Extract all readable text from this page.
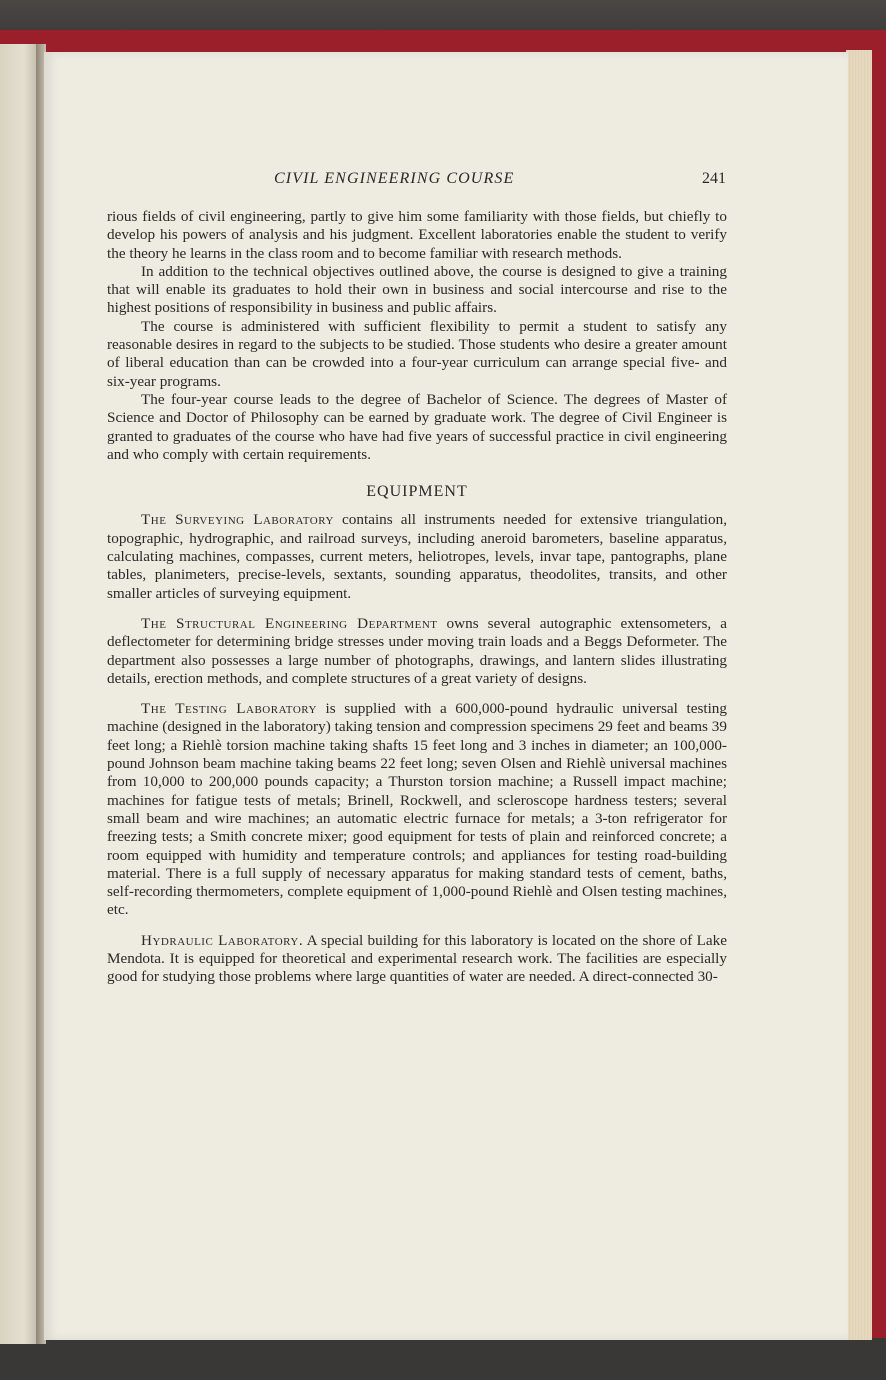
CIVIL ENGINEERING COURSE	241

rious fields of civil engineering, partly to give him some familiarity with those fields, but chiefly to develop his powers of analysis and his judgment. Excellent laboratories enable the student to verify the theory he learns in the class room and to become familiar with research methods.

In addition to the technical objectives outlined above, the course is designed to give a training that will enable its graduates to hold their own in business and social intercourse and rise to the highest positions of responsibility in business and public affairs.

The course is administered with sufficient flexibility to permit a student to satisfy any reasonable desires in regard to the subjects to be studied. Those students who desire a greater amount of liberal education than can be crowded into a four-year curriculum can arrange special five- and six-year programs.

The four-year course leads to the degree of Bachelor of Science. The degrees of Master of Science and Doctor of Philosophy can be earned by graduate work. The degree of Civil Engineer is granted to graduates of the course who have had five years of successful practice in civil engineering and who comply with certain requirements.

EQUIPMENT

The Surveying Laboratory contains all instruments needed for extensive triangulation, topographic, hydrographic, and railroad surveys, including aneroid barometers, baseline apparatus, calculating machines, compasses, current meters, heliotropes, levels, invar tape, pantographs, plane tables, planimeters, precise-levels, sextants, sounding apparatus, theodolites, transits, and other smaller articles of surveying equipment.

The Structural Engineering Department owns several autographic extensometers, a deflectometer for determining bridge stresses under moving train loads and a Beggs Deformeter. The department also possesses a large number of photographs, drawings, and lantern slides illustrating details, erection methods, and complete structures of a great variety of designs.

The Testing Laboratory is supplied with a 600,000-pound hydraulic universal testing machine (designed in the laboratory) taking tension and compression specimens 29 feet and beams 39 feet long; a Riehlè torsion machine taking shafts 15 feet long and 3 inches in diameter; an 100,000-pound Johnson beam machine taking beams 22 feet long; seven Olsen and Riehlè universal machines from 10,000 to 200,000 pounds capacity; a Thurston torsion machine; a Russell impact machine; machines for fatigue tests of metals; Brinell, Rockwell, and scleroscope hardness testers; several small beam and wire machines; an automatic electric furnace for metals; a 3-ton refrigerator for freezing tests; a Smith concrete mixer; good equipment for tests of plain and reinforced concrete; a room equipped with humidity and temperature controls; and appliances for testing road-building material. There is a full supply of necessary apparatus for making standard tests of cement, baths, self-recording thermometers, complete equipment of 1,000-pound Riehlè and Olsen testing machines, etc.

Hydraulic Laboratory. A special building for this laboratory is located on the shore of Lake Mendota. It is equipped for theoretical and experimental research work. The facilities are especially good for studying those problems where large quantities of water are needed. A direct-connected 30-
